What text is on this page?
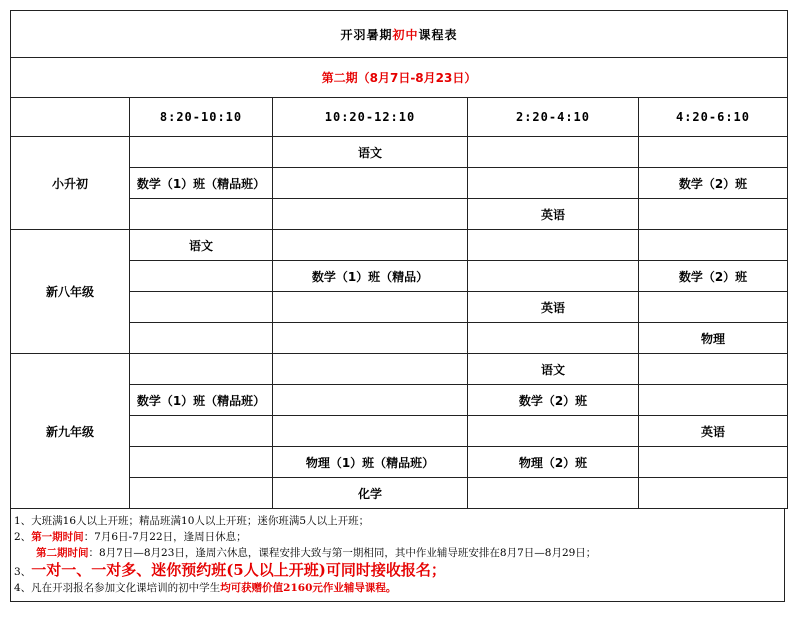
开羽暑期初中课程表				
第二期（8月7日-8月23日）				
	8:20-10:10	10:20-12:10	2:20-4:10	4:20-6:10
小升初		语文		
	数学（1）班（精品班）			数学（2）班
			英语	
新八年级	语文			
		数学（1）班（精品）		数学（2）班
			英语	
				物理
新九年级			语文	
	数学（1）班（精品班）		数学（2）班	
				英语
		物理（1）班（精品班）	物理（2）班	
		化学		
1、大班满16人以上开班；精品班满10人以上开班；迷你班满5人以上开班；
2、第一期时间：7月6日-7月22日，逢周日休息；
第二期时间：8月7日—8月23日，逢周六休息，课程安排大致与第一期相同，其中作业辅导班安排在8月7日—8月29日；
3、一对一、一对多、迷你预约班(5人以上开班)可同时接收报名；
4、凡在开羽报名参加文化课培训的初中学生均可获赠价值2160元作业辅导课程。
